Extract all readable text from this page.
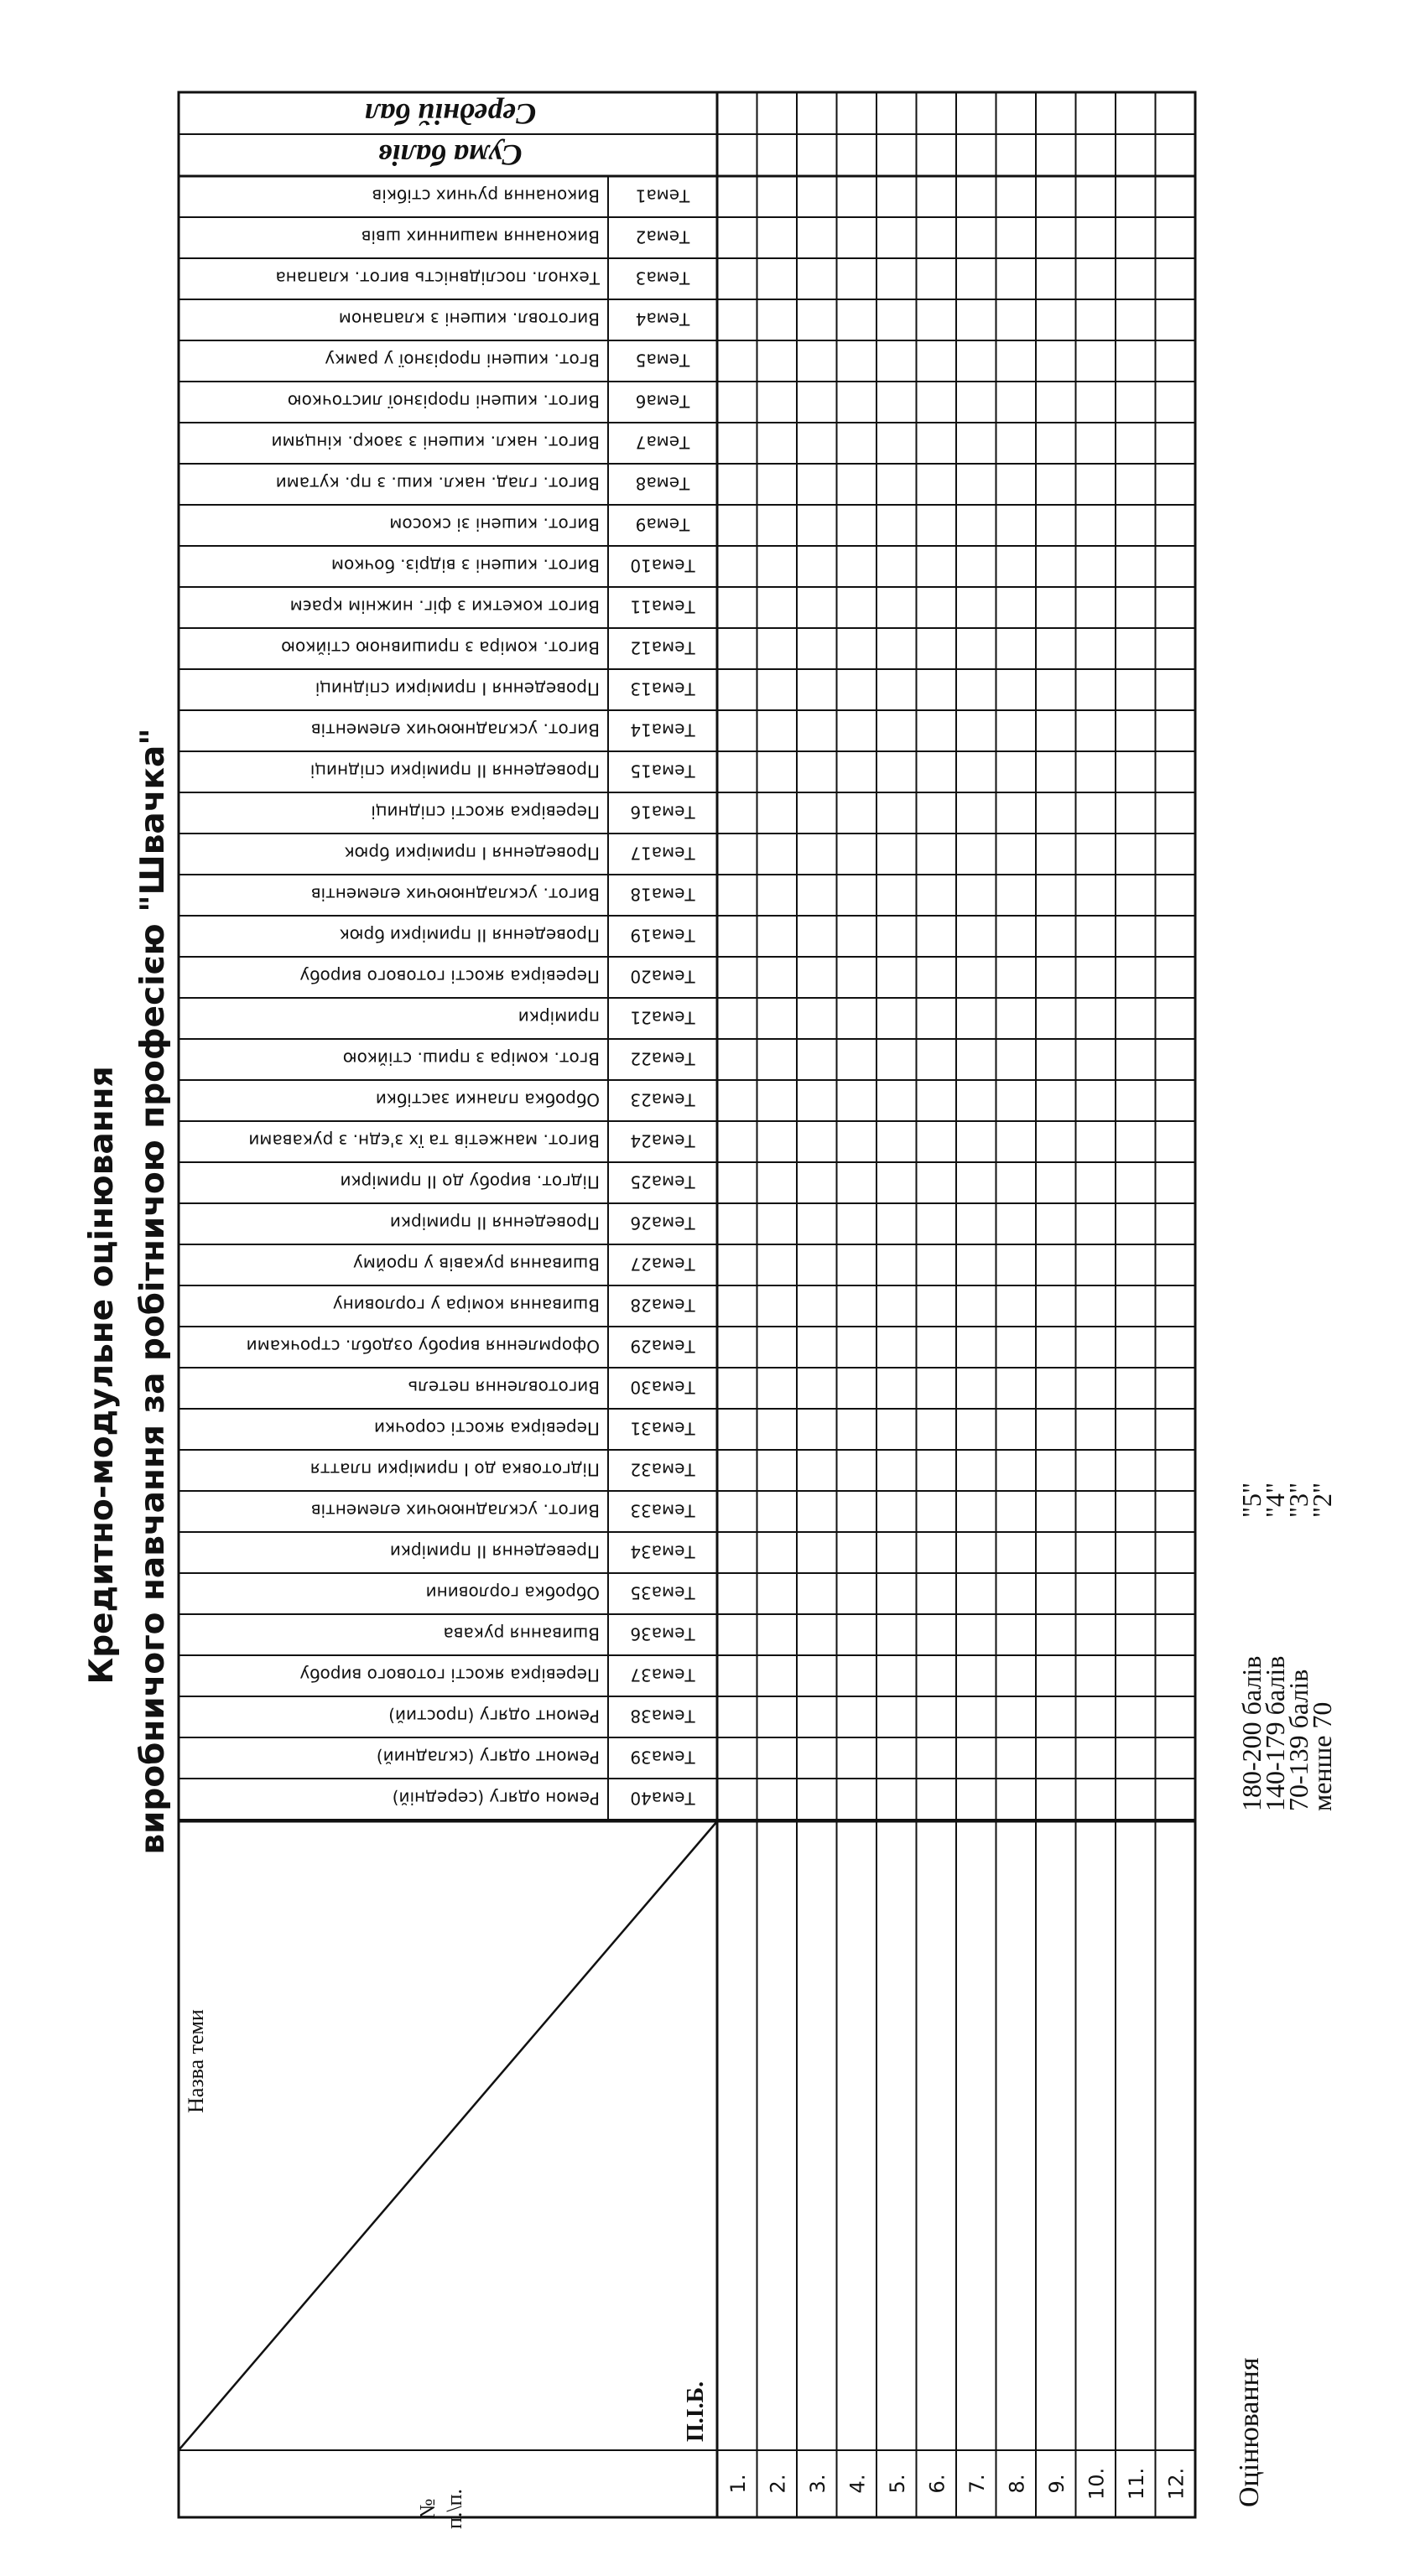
Кредитно-модульне оцінювання виробничого навчання за робітничою професією "Швачка"
Назва теми
П.І.Б.
№ п.\п.
Сума балів
Середній бал
Тема1
Виконання ручних стібків
Тема2
Виконання машинних швів
Тема3
Технол. послідвність вигот. клапана
Тема4
Виготовл. кишені з клапаном
Тема5
Вгот. кишені прорізної у рамку
Тема6
Вигот. кишені прорізної листочкою
Тема7
Вигот. накл. кишені з заокр. кінцями
Тема8
Вигот. глад. накл. киш. з пр. кутами
Тема9
Вигот. кишені зі скосом
Тема10
Вигот. кишені з відріз. бочком
Тема11
Вигот кокетки з фіг. нижнім краєм
Тема12
Вигот. коміра з пришивною стійкою
Тема13
Проведення І примірки спідниці
Тема14
Вигот. ускладнюючих елементів
Тема15
Проведення ІІ примірки спідниці
Тема16
Перевірка якості спідниці
Тема17
Проведення І примірки брюк
Тема18
Вигот. ускладнюючих елементів
Тема19
Проведення ІІ примірки брюк
Тема20
Перевірка якості готового виробу
Тема21
примірки
Тема22
Вгот. коміра з приш. стійкою
Тема23
Обробка планки застібки
Тема24
Вигот. манжетів та їх з'єдн. з рукавами
Тема25
Підгот. виробу до ІІ примірки
Тема26
Проведення ІІ примірки
Тема27
Вшивання рукавів у пройму
Тема28
Вшивання коміра у горловину
Тема29
Оформлення виробу оздобл. строчками
Тема30
Виготовлення петель
Тема31
Перевірка якості сорочки
Тема32
Підготовка до І примірки плаття
Тема33
Вигот. ускладнюючих елементів
Тема34
Преведення ІІ примірки
Тема35
Обробка горловини
Тема36
Вшивання рукава
Тема37
Перевірка якості готового виробу
Тема38
Ремонт одягу (простий)
Тема39
Ремонт одягу (складний)
Тема40
Ремон одягу (середній)
1. 2. 3. 4. 5. 6. 7. 8. 9. 10. 11. 12. Оцінювання
180-200 балів
"5"
140-179 балів
"4"
70-139 балів
"3"
менше 70
"2"
